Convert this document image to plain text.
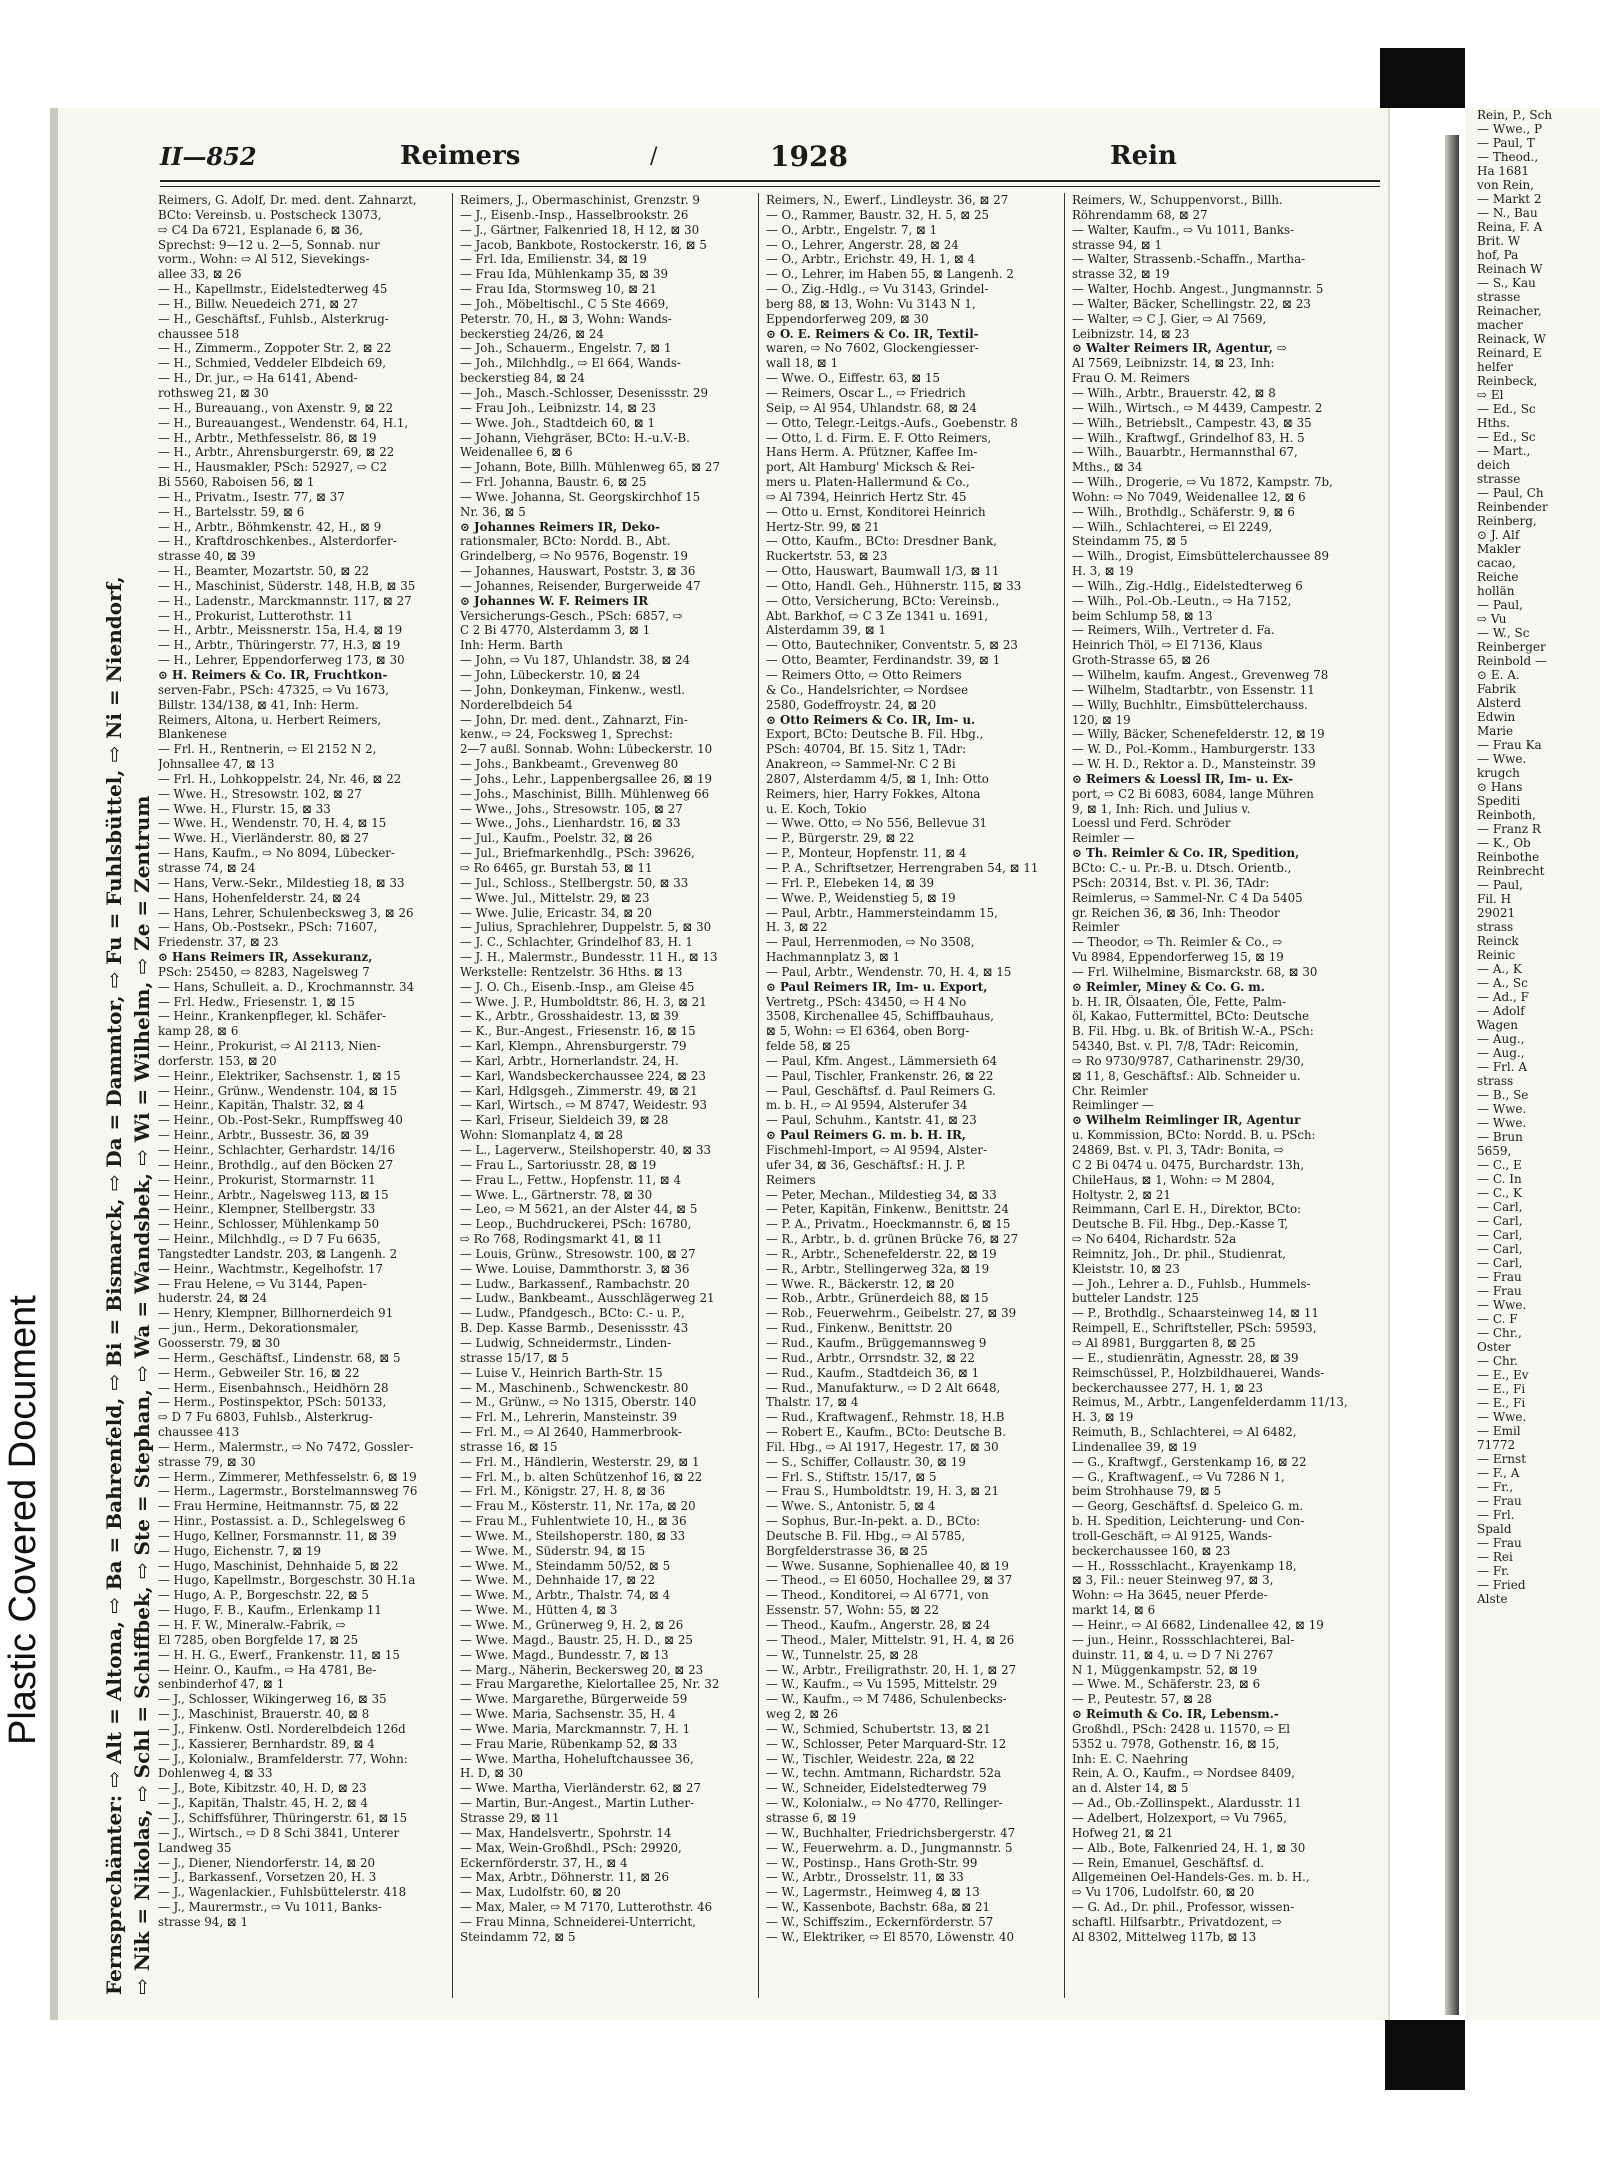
Plastic Covered Document	Fernsprechämter: ⇨ Alt = Altona, ⇨ Ba = Bahrenfeld, ⇨ Bi = Bismarck, ⇨ Da = Dammtor, ⇨ Fu = Fuhlsbüttel, ⇨ Ni = Niendorf, ⇨ Nik = Nikolas, ⇨ Schl = Schiffbek, ⇨ Ste = Stephan, ⇨ Wa = Wandsbek, ⇨ Wi = Wilhelm, ⇨ Ze = Zentrum
II—852	Reimers	/	1928	Rein
Reimers, G. Adolf, Dr. med. dent. Zahnarzt,
BCto: Vereinsb. u. Postscheck 13073,
⇨ C4 Da 6721, Esplanade 6, ⊠ 36,
Sprechst: 9—12 u. 2—5, Sonnab. nur
vorm., Wohn: ⇨ Al 512, Sievekings-
allee 33, ⊠ 26
— H., Kapellmstr., Eidelstedterweg 45
— H., Billw. Neuedeich 271, ⊠ 27
— H., Geschäftsf., Fuhlsb., Alsterkrug-
chaussee 518
— H., Zimmerm., Zoppoter Str. 2, ⊠ 22
— H., Schmied, Veddeler Elbdeich 69,
— H., Dr. jur., ⇨ Ha 6141, Abend-
rothsweg 21, ⊠ 30
— H., Bureauang., von Axenstr. 9, ⊠ 22
— H., Bureauangest., Wendenstr. 64, H.1,
— H., Arbtr., Methfesselstr. 86, ⊠ 19
— H., Arbtr., Ahrensburgerstr. 69, ⊠ 22
— H., Hausmakler, PSch: 52927, ⇨ C2
Bi 5560, Raboisen 56, ⊠ 1
— H., Privatm., Isestr. 77, ⊠ 37
— H., Bartelsstr. 59, ⊠ 6
— H., Arbtr., Böhmkenstr. 42, H., ⊠ 9
— H., Kraftdroschkenbes., Alsterdorfer-
strasse 40, ⊠ 39
— H., Beamter, Mozartstr. 50, ⊠ 22
— H., Maschinist, Süderstr. 148, H.B, ⊠ 35
— H., Ladenstr., Marckmannstr. 117, ⊠ 27
— H., Prokurist, Lutterothstr. 11
— H., Arbtr., Meissnerstr. 15a, H.4, ⊠ 19
— H., Arbtr., Thüringerstr. 77, H.3, ⊠ 19
— H., Lehrer, Eppendorferweg 173, ⊠ 30
⊙ H. Reimers & Co. IR, Fruchtkon-
serven-Fabr., PSch: 47325, ⇨ Vu 1673,
Billstr. 134/138, ⊠ 41, Inh: Herm.
Reimers, Altona, u. Herbert Reimers,
Blankenese
— Frl. H., Rentnerin, ⇨ El 2152 N 2,
Johnsallee 47, ⊠ 13
— Frl. H., Lohkoppelstr. 24, Nr. 46, ⊠ 22
— Wwe. H., Stresowstr. 102, ⊠ 27
— Wwe. H., Flurstr. 15, ⊠ 33
— Wwe. H., Wendenstr. 70, H. 4, ⊠ 15
— Wwe. H., Vierländerstr. 80, ⊠ 27
— Hans, Kaufm., ⇨ No 8094, Lübecker-
strasse 74, ⊠ 24
— Hans, Verw.-Sekr., Mildestieg 18, ⊠ 33
— Hans, Hohenfelderstr. 24, ⊠ 24
— Hans, Lehrer, Schulenbecksweg 3, ⊠ 26
— Hans, Ob.-Postsekr., PSch: 71607,
Friedenstr. 37, ⊠ 23
⊙ Hans Reimers IR, Assekuranz,
PSch: 25450, ⇨ 8283, Nagelsweg 7
— Hans, Schulleit. a. D., Krochmannstr. 34
— Frl. Hedw., Friesenstr. 1, ⊠ 15
— Heinr., Krankenpfleger, kl. Schäfer-
kamp 28, ⊠ 6
— Heinr., Prokurist, ⇨ Al 2113, Nien-
dorferstr. 153, ⊠ 20
— Heinr., Elektriker, Sachsenstr. 1, ⊠ 15
— Heinr., Grünw., Wendenstr. 104, ⊠ 15
— Heinr., Kapitän, Thalstr. 32, ⊠ 4
— Heinr., Ob.-Post-Sekr., Rumpffsweg 40
— Heinr., Arbtr., Bussestr. 36, ⊠ 39
— Heinr., Schlachter, Gerhardstr. 14/16
— Heinr., Brothdlg., auf den Böcken 27
— Heinr., Prokurist, Stormarnstr. 11
— Heinr., Arbtr., Nagelsweg 113, ⊠ 15
— Heinr., Klempner, Stellbergstr. 33
— Heinr., Schlosser, Mühlenkamp 50
— Heinr., Milchhdlg., ⇨ D 7 Fu 6635,
Tangstedter Landstr. 203, ⊠ Langenh. 2
— Heinr., Wachtmstr., Kegelhofstr. 17
— Frau Helene, ⇨ Vu 3144, Papen-
huderstr. 24, ⊠ 24
— Henry, Klempner, Billhornerdeich 91
— jun., Herm., Dekorationsmaler,
Goosserstr. 79, ⊠ 30
— Herm., Geschäftsf., Lindenstr. 68, ⊠ 5
— Herm., Gebweiler Str. 16, ⊠ 22
— Herm., Eisenbahnsch., Heidhörn 28
— Herm., Postinspektor, PSch: 50133,
⇨ D 7 Fu 6803, Fuhlsb., Alsterkrug-
chaussee 413
— Herm., Malermstr., ⇨ No 7472, Gossler-
strasse 79, ⊠ 30
— Herm., Zimmerer, Methfesselstr. 6, ⊠ 19
— Herm., Lagermstr., Borstelmannsweg 76
— Frau Hermine, Heitmannstr. 75, ⊠ 22
— Hinr., Postassist. a. D., Schlegelsweg 6
— Hugo, Kellner, Forsmannstr. 11, ⊠ 39
— Hugo, Eichenstr. 7, ⊠ 19
— Hugo, Maschinist, Dehnhaide 5, ⊠ 22
— Hugo, Kapellmstr., Borgeschstr. 30 H.1a
— Hugo, A. P., Borgeschstr. 22, ⊠ 5
— Hugo, F. B., Kaufm., Erlenkamp 11
— H. F. W., Mineralw.-Fabrik, ⇨
El 7285, oben Borgfelde 17, ⊠ 25
— H. H. G., Ewerf., Frankenstr. 11, ⊠ 15
— Heinr. O., Kaufm., ⇨ Ha 4781, Be-
senbinderhof 47, ⊠ 1
— J., Schlosser, Wikingerweg 16, ⊠ 35
— J., Maschinist, Brauerstr. 40, ⊠ 8
— J., Finkenw. Ostl. Norderelbdeich 126d
— J., Kassierer, Bernhardstr. 89, ⊠ 4
— J., Kolonialw., Bramfelderstr. 77, Wohn:
Dohlenweg 4, ⊠ 33
— J., Bote, Kibitzstr. 40, H. D, ⊠ 23
— J., Kapitän, Thalstr. 45, H. 2, ⊠ 4
— J., Schiffsführer, Thüringerstr. 61, ⊠ 15
— J., Wirtsch., ⇨ D 8 Schi 3841, Unterer
Landweg 35
— J., Diener, Niendorferstr. 14, ⊠ 20
— J., Barkassenf., Vorsetzen 20, H. 3
— J., Wagenlackier., Fuhlsbüttelerstr. 418
— J., Maurermstr., ⇨ Vu 1011, Banks-
strasse 94, ⊠ 1
Reimers, J., Obermaschinist, Grenzstr. 9
— J., Eisenb.-Insp., Hasselbrookstr. 26
— J., Gärtner, Falkenried 18, H 12, ⊠ 30
— Jacob, Bankbote, Rostockerstr. 16, ⊠ 5
— Frl. Ida, Emilienstr. 34, ⊠ 19
— Frau Ida, Mühlenkamp 35, ⊠ 39
— Frau Ida, Stormsweg 10, ⊠ 21
— Joh., Möbeltischl., C 5 Ste 4669,
Peterstr. 70, H., ⊠ 3, Wohn: Wands-
beckerstieg 24/26, ⊠ 24
— Joh., Schauerm., Engelstr. 7, ⊠ 1
— Joh., Milchhdlg., ⇨ El 664, Wands-
beckerstieg 84, ⊠ 24
— Joh., Masch.-Schlosser, Desenissstr. 29
— Frau Joh., Leibnizstr. 14, ⊠ 23
— Wwe. Joh., Stadtdeich 60, ⊠ 1
— Johann, Viehgräser, BCto: H.-u.V.-B.
Weidenallee 6, ⊠ 6
— Johann, Bote, Billh. Mühlenweg 65, ⊠ 27
— Frl. Johanna, Baustr. 6, ⊠ 25
— Wwe. Johanna, St. Georgskirchhof 15
Nr. 36, ⊠ 5
⊙ Johannes Reimers IR, Deko-
rationsmaler, BCto: Nordd. B., Abt.
Grindelberg, ⇨ No 9576, Bogenstr. 19
— Johannes, Hauswart, Poststr. 3, ⊠ 36
— Johannes, Reisender, Burgerweide 47
⊙ Johannes W. F. Reimers IR
Versicherungs-Gesch., PSch: 6857, ⇨
C 2 Bi 4770, Alsterdamm 3, ⊠ 1
Inh: Herm. Barth
— John, ⇨ Vu 187, Uhlandstr. 38, ⊠ 24
— John, Lübeckerstr. 10, ⊠ 24
— John, Donkeyman, Finkenw., westl.
Norderelbdeich 54
— John, Dr. med. dent., Zahnarzt, Fin-
kenw., ⇨ 24, Focksweg 1, Sprechst:
2—7 außl. Sonnab. Wohn: Lübeckerstr. 10
— Johs., Bankbeamt., Grevenweg 80
— Johs., Lehr., Lappenbergsallee 26, ⊠ 19
— Johs., Maschinist, Billh. Mühlenweg 66
— Wwe., Johs., Stresowstr. 105, ⊠ 27
— Wwe., Johs., Lienhardstr. 16, ⊠ 33
— Jul., Kaufm., Poelstr. 32, ⊠ 26
— Jul., Briefmarkenhdlg., PSch: 39626,
⇨ Ro 6465, gr. Burstah 53, ⊠ 11
— Jul., Schloss., Stellbergstr. 50, ⊠ 33
— Wwe. Jul., Mittelstr. 29, ⊠ 23
— Wwe. Julie, Ericastr. 34, ⊠ 20
— Julius, Sprachlehrer, Duppelstr. 5, ⊠ 30
— J. C., Schlachter, Grindelhof 83, H. 1
— J. H., Malermstr., Bundesstr. 11 H., ⊠ 13
Werkstelle: Rentzelstr. 36 Hths. ⊠ 13
— J. O. Ch., Eisenb.-Insp., am Gleise 45
— Wwe. J. P., Humboldtstr. 86, H. 3, ⊠ 21
— K., Arbtr., Grosshaidestr. 13, ⊠ 39
— K., Bur.-Angest., Friesenstr. 16, ⊠ 15
— Karl, Klempn., Ahrensburgerstr. 79
— Karl, Arbtr., Hornerlandstr. 24, H.
— Karl, Wandsbeckerchaussee 224, ⊠ 23
— Karl, Hdlgsgeh., Zimmerstr. 49, ⊠ 21
— Karl, Wirtsch., ⇨ M 8747, Weidestr. 93
— Karl, Friseur, Sieldeich 39, ⊠ 28
Wohn: Slomanplatz 4, ⊠ 28
— L., Lagerverw., Steilshoperstr. 40, ⊠ 33
— Frau L., Sartoriusstr. 28, ⊠ 19
— Frau L., Fettw., Hopfenstr. 11, ⊠ 4
— Wwe. L., Gärtnerstr. 78, ⊠ 30
— Leo, ⇨ M 5621, an der Alster 44, ⊠ 5
— Leop., Buchdruckerei, PSch: 16780,
⇨ Ro 768, Rodingsmarkt 41, ⊠ 11
— Louis, Grünw., Stresowstr. 100, ⊠ 27
— Wwe. Louise, Dammthorstr. 3, ⊠ 36
— Ludw., Barkassenf., Rambachstr. 20
— Ludw., Bankbeamt., Ausschlägerweg 21
— Ludw., Pfandgesch., BCto: C.- u. P.,
B. Dep. Kasse Barmb., Desenissstr. 43
— Ludwig, Schneidermstr., Linden-
strasse 15/17, ⊠ 5
— Luise V., Heinrich Barth-Str. 15
— M., Maschinenb., Schwenckestr. 80
— M., Grünw., ⇨ No 1315, Oberstr. 140
— Frl. M., Lehrerin, Mansteinstr. 39
— Frl. M., ⇨ Al 2640, Hammerbrook-
strasse 16, ⊠ 15
— Frl. M., Händlerin, Westerstr. 29, ⊠ 1
— Frl. M., b. alten Schützenhof 16, ⊠ 22
— Frl. M., Königstr. 27, H. 8, ⊠ 36
— Frau M., Kösterstr. 11, Nr. 17a, ⊠ 20
— Frau M., Fuhlentwiete 10, H., ⊠ 36
— Wwe. M., Steilshoperstr. 180, ⊠ 33
— Wwe. M., Süderstr. 94, ⊠ 15
— Wwe. M., Steindamm 50/52, ⊠ 5
— Wwe. M., Dehnhaide 17, ⊠ 22
— Wwe. M., Arbtr., Thalstr. 74, ⊠ 4
— Wwe. M., Hütten 4, ⊠ 3
— Wwe. M., Grünerweg 9, H. 2, ⊠ 26
— Wwe. Magd., Baustr. 25, H. D., ⊠ 25
— Wwe. Magd., Bundesstr. 7, ⊠ 13
— Marg., Näherin, Beckersweg 20, ⊠ 23
— Frau Margarethe, Kielortallee 25, Nr. 32
— Wwe. Margarethe, Bürgerweide 59
— Wwe. Maria, Sachsenstr. 35, H. 4
— Wwe. Maria, Marckmannstr. 7, H. 1
— Frau Marie, Rübenkamp 52, ⊠ 33
— Wwe. Martha, Hoheluftchaussee 36,
H. D, ⊠ 30
— Wwe. Martha, Vierländerstr. 62, ⊠ 27
— Martin, Bur.-Angest., Martin Luther-
Strasse 29, ⊠ 11
— Max, Handelsvertr., Spohrstr. 14
— Max, Wein-Großhdl., PSch: 29920,
Eckernförderstr. 37, H., ⊠ 4
— Max, Arbtr., Döhnerstr. 11, ⊠ 26
— Max, Ludolfstr. 60, ⊠ 20
— Max, Maler, ⇨ M 7170, Lutterothstr. 46
— Frau Minna, Schneiderei-Unterricht,
Steindamm 72, ⊠ 5
Reimers, N., Ewerf., Lindleystr. 36, ⊠ 27
— O., Rammer, Baustr. 32, H. 5, ⊠ 25
— O., Arbtr., Engelstr. 7, ⊠ 1
— O., Lehrer, Angerstr. 28, ⊠ 24
— O., Arbtr., Erichstr. 49, H. 1, ⊠ 4
— O., Lehrer, im Haben 55, ⊠ Langenh. 2
— O., Zig.-Hdlg., ⇨ Vu 3143, Grindel-
berg 88, ⊠ 13, Wohn: Vu 3143 N 1,
Eppendorferweg 209, ⊠ 30
⊙ O. E. Reimers & Co. IR, Textil-
waren, ⇨ No 7602, Glockengiesser-
wall 18, ⊠ 1
— Wwe. O., Eiffestr. 63, ⊠ 15
— Reimers, Oscar L., ⇨ Friedrich
Seip, ⇨ Al 954, Uhlandstr. 68, ⊠ 24
— Otto, Telegr.-Leitgs.-Aufs., Goebenstr. 8
— Otto, l. d. Firm. E. F. Otto Reimers,
Hans Herm. A. Pfützner, Kaffee Im-
port, Alt Hamburg' Micksch & Rei-
mers u. Platen-Hallermund & Co.,
⇨ Al 7394, Heinrich Hertz Str. 45
— Otto u. Ernst, Konditorei Heinrich
Hertz-Str. 99, ⊠ 21
— Otto, Kaufm., BCto: Dresdner Bank,
Ruckertstr. 53, ⊠ 23
— Otto, Hauswart, Baumwall 1/3, ⊠ 11
— Otto, Handl. Geh., Hühnerstr. 115, ⊠ 33
— Otto, Versicherung, BCto: Vereinsb.,
Abt. Barkhof, ⇨ C 3 Ze 1341 u. 1691,
Alsterdamm 39, ⊠ 1
— Otto, Bautechniker, Conventstr. 5, ⊠ 23
— Otto, Beamter, Ferdinandstr. 39, ⊠ 1
— Reimers Otto, ⇨ Otto Reimers
& Co., Handelsrichter, ⇨ Nordsee
2580, Godeffroystr. 24, ⊠ 20
⊙ Otto Reimers & Co. IR, Im- u.
Export, BCto: Deutsche B. Fil. Hbg.,
PSch: 40704, Bf. 15. Sitz 1, TAdr:
Anakreon, ⇨ Sammel-Nr. C 2 Bi
2807, Alsterdamm 4/5, ⊠ 1, Inh: Otto
Reimers, hier, Harry Fokkes, Altona
u. E. Koch, Tokio
— Wwe. Otto, ⇨ No 556, Bellevue 31
— P., Bürgerstr. 29, ⊠ 22
— P., Monteur, Hopfenstr. 11, ⊠ 4
— P. A., Schriftsetzer, Herrengraben 54, ⊠ 11
— Frl. P., Elebeken 14, ⊠ 39
— Wwe. P., Weidenstieg 5, ⊠ 19
— Paul, Arbtr., Hammersteindamm 15,
H. 3, ⊠ 22
— Paul, Herrenmoden, ⇨ No 3508,
Hachmannplatz 3, ⊠ 1
— Paul, Arbtr., Wendenstr. 70, H. 4, ⊠ 15
⊙ Paul Reimers IR, Im- u. Export,
Vertretg., PSch: 43450, ⇨ H 4 No
3508, Kirchenallee 45, Schiffbauhaus,
⊠ 5, Wohn: ⇨ El 6364, oben Borg-
felde 58, ⊠ 25
— Paul, Kfm. Angest., Lämmersieth 64
— Paul, Tischler, Frankenstr. 26, ⊠ 22
— Paul, Geschäftsf. d. Paul Reimers G.
m. b. H., ⇨ Al 9594, Alsterufer 34
— Paul, Schuhm., Kantstr. 41, ⊠ 23
⊙ Paul Reimers G. m. b. H. IR,
Fischmehl-Import, ⇨ Al 9594, Alster-
ufer 34, ⊠ 36, Geschäftsf.: H. J. P.
Reimers
— Peter, Mechan., Mildestieg 34, ⊠ 33
— Peter, Kapitän, Finkenw., Benittstr. 24
— P. A., Privatm., Hoeckmannstr. 6, ⊠ 15
— R., Arbtr., b. d. grünen Brücke 76, ⊠ 27
— R., Arbtr., Schenefelderstr. 22, ⊠ 19
— R., Arbtr., Stellingerweg 32a, ⊠ 19
— Wwe. R., Bäckerstr. 12, ⊠ 20
— Rob., Arbtr., Grünerdeich 88, ⊠ 15
— Rob., Feuerwehrm., Geibelstr. 27, ⊠ 39
— Rud., Finkenw., Benittstr. 20
— Rud., Kaufm., Brüggemannsweg 9
— Rud., Arbtr., Orrsndstr. 32, ⊠ 22
— Rud., Kaufm., Stadtdeich 36, ⊠ 1
— Rud., Manufakturw., ⇨ D 2 Alt 6648,
Thalstr. 17, ⊠ 4
— Rud., Kraftwagenf., Rehmstr. 18, H.B
— Robert E., Kaufm., BCto: Deutsche B.
Fil. Hbg., ⇨ Al 1917, Hegestr. 17, ⊠ 30
— S., Schiffer, Collaustr. 30, ⊠ 19
— Frl. S., Stiftstr. 15/17, ⊠ 5
— Frau S., Humboldtstr. 19, H. 3, ⊠ 21
— Wwe. S., Antonistr. 5, ⊠ 4
— Sophus, Bur.-In-pekt. a. D., BCto:
Deutsche B. Fil. Hbg., ⇨ Al 5785,
Borgfelderstrasse 36, ⊠ 25
— Wwe. Susanne, Sophienallee 40, ⊠ 19
— Theod., ⇨ El 6050, Hochallee 29, ⊠ 37
— Theod., Konditorei, ⇨ Al 6771, von
Essenstr. 57, Wohn: 55, ⊠ 22
— Theod., Kaufm., Angerstr. 28, ⊠ 24
— Theod., Maler, Mittelstr. 91, H. 4, ⊠ 26
— W., Tunnelstr. 25, ⊠ 28
— W., Arbtr., Freiligrathstr. 20, H. 1, ⊠ 27
— W., Kaufm., ⇨ Vu 1595, Mittelstr. 29
— W., Kaufm., ⇨ M 7486, Schulenbecks-
weg 2, ⊠ 26
— W., Schmied, Schubertstr. 13, ⊠ 21
— W., Schlosser, Peter Marquard-Str. 12
— W., Tischler, Weidestr. 22a, ⊠ 22
— W., techn. Amtmann, Richardstr. 52a
— W., Schneider, Eidelstedterweg 79
— W., Kolonialw., ⇨ No 4770, Rellinger-
strasse 6, ⊠ 19
— W., Buchhalter, Friedrichsbergerstr. 47
— W., Feuerwehrm. a. D., Jungmannstr. 5
— W., Postinsp., Hans Groth-Str. 99
— W., Arbtr., Drosselstr. 11, ⊠ 33
— W., Lagermstr., Heimweg 4, ⊠ 13
— W., Kassenbote, Bachstr. 68a, ⊠ 21
— W., Schiffszim., Eckernförderstr. 57
— W., Elektriker, ⇨ El 8570, Löwenstr. 40
Reimers, W., Schuppenvorst., Billh.
Röhrendamm 68, ⊠ 27
— Walter, Kaufm., ⇨ Vu 1011, Banks-
strasse 94, ⊠ 1
— Walter, Strassenb.-Schaffn., Martha-
strasse 32, ⊠ 19
— Walter, Hochb. Angest., Jungmannstr. 5
— Walter, Bäcker, Schellingstr. 22, ⊠ 23
— Walter, ⇨ C J. Gier, ⇨ Al 7569,
Leibnizstr. 14, ⊠ 23
⊙ Walter Reimers IR, Agentur, ⇨
Al 7569, Leibnizstr. 14, ⊠ 23, Inh:
Frau O. M. Reimers
— Wilh., Arbtr., Brauerstr. 42, ⊠ 8
— Wilh., Wirtsch., ⇨ M 4439, Campestr. 2
— Wilh., Betriebslt., Campestr. 43, ⊠ 35
— Wilh., Kraftwgf., Grindelhof 83, H. 5
— Wilh., Bauarbtr., Hermannsthal 67,
Mths., ⊠ 34
— Wilh., Drogerie, ⇨ Vu 1872, Kampstr. 7b,
Wohn: ⇨ No 7049, Weidenallee 12, ⊠ 6
— Wilh., Brothdlg., Schäferstr. 9, ⊠ 6
— Wilh., Schlachterei, ⇨ El 2249,
Steindamm 75, ⊠ 5
— Wilh., Drogist, Eimsbüttelerchaussee 89
H. 3, ⊠ 19
— Wilh., Zig.-Hdlg., Eidelstedterweg 6
— Wilh., Pol.-Ob.-Leutn., ⇨ Ha 7152,
beim Schlump 58, ⊠ 13
— Reimers, Wilh., Vertreter d. Fa.
Heinrich Thöl, ⇨ El 7136, Klaus
Groth-Strasse 65, ⊠ 26
— Wilhelm, kaufm. Angest., Grevenweg 78
— Wilhelm, Stadtarbtr., von Essenstr. 11
— Willy, Buchhltr., Eimsbüttelerchauss.
120, ⊠ 19
— Willy, Bäcker, Schenefelderstr. 12, ⊠ 19
— W. D., Pol.-Komm., Hamburgerstr. 133
— W. H. D., Rektor a. D., Mansteinstr. 39
⊙ Reimers & Loessl IR, Im- u. Ex-
port, ⇨ C2 Bi 6083, 6084, lange Mühren
9, ⊠ 1, Inh: Rich. und Julius v.
Loessl und Ferd. Schröder
Reimler —
⊙ Th. Reimler & Co. IR, Spedition,
BCto: C.- u. Pr.-B. u. Dtsch. Orientb.,
PSch: 20314, Bst. v. Pl. 36, TAdr:
Reimlerus, ⇨ Sammel-Nr. C 4 Da 5405
gr. Reichen 36, ⊠ 36, Inh: Theodor
Reimler
— Theodor, ⇨ Th. Reimler & Co., ⇨
Vu 8984, Eppendorferweg 15, ⊠ 19
— Frl. Wilhelmine, Bismarckstr. 68, ⊠ 30
⊙ Reimler, Miney & Co. G. m.
b. H. IR, Ölsaaten, Öle, Fette, Palm-
öl, Kakao, Futtermittel, BCto: Deutsche
B. Fil. Hbg. u. Bk. of British W.-A., PSch:
54340, Bst. v. Pl. 7/8, TAdr: Reicomin,
⇨ Ro 9730/9787, Catharinenstr. 29/30,
⊠ 11, 8, Geschäftsf.: Alb. Schneider u.
Chr. Reimler
Reimlinger —
⊙ Wilhelm Reimlinger IR, Agentur
u. Kommission, BCto: Nordd. B. u. PSch:
24869, Bst. v. Pl. 3, TAdr: Bonita, ⇨
C 2 Bi 0474 u. 0475, Burchardstr. 13h,
ChileHaus, ⊠ 1, Wohn: ⇨ M 2804,
Holtystr. 2, ⊠ 21
Reimmann, Carl E. H., Direktor, BCto:
Deutsche B. Fil. Hbg., Dep.-Kasse T,
⇨ No 6404, Richardstr. 52a
Reimnitz, Joh., Dr. phil., Studienrat,
Kleiststr. 10, ⊠ 23
— Joh., Lehrer a. D., Fuhlsb., Hummels-
butteler Landstr. 125
— P., Brothdlg., Schaarsteinweg 14, ⊠ 11
Reimpell, E., Schriftsteller, PSch: 59593,
⇨ Al 8981, Burggarten 8, ⊠ 25
— E., studienrätin, Agnesstr. 28, ⊠ 39
Reimschüssel, P., Holzbildhauerei, Wands-
beckerchaussee 277, H. 1, ⊠ 23
Reimus, M., Arbtr., Langenfelderdamm 11/13,
H. 3, ⊠ 19
Reimuth, B., Schlachterei, ⇨ Al 6482,
Lindenallee 39, ⊠ 19
— G., Kraftwgf., Gerstenkamp 16, ⊠ 22
— G., Kraftwagenf., ⇨ Vu 7286 N 1,
beim Strohhause 79, ⊠ 5
— Georg, Geschäftsf. d. Speleico G. m.
b. H. Spedition, Leichterung- und Con-
troll-Geschäft, ⇨ Al 9125, Wands-
beckerchaussee 160, ⊠ 23
— H., Rossschlacht., Krayenkamp 18,
⊠ 3, Fil.: neuer Steinweg 97, ⊠ 3,
Wohn: ⇨ Ha 3645, neuer Pferde-
markt 14, ⊠ 6
— Heinr., ⇨ Al 6682, Lindenallee 42, ⊠ 19
— jun., Heinr., Rossschlachterei, Bal-
duinstr. 11, ⊠ 4, u. ⇨ D 7 Ni 2767
N 1, Müggenkampstr. 52, ⊠ 19
— Wwe. M., Schäferstr. 23, ⊠ 6
— P., Peutestr. 57, ⊠ 28
⊙ Reimuth & Co. IR, Lebensm.-
Großhdl., PSch: 2428 u. 11570, ⇨ El
5352 u. 7978, Gothenstr. 16, ⊠ 15,
Inh: E. C. Naehring
Rein, A. O., Kaufm., ⇨ Nordsee 8409,
an d. Alster 14, ⊠ 5
— Ad., Ob.-Zollinspekt., Alardusstr. 11
— Adelbert, Holzexport, ⇨ Vu 7965,
Hofweg 21, ⊠ 21
— Alb., Bote, Falkenried 24, H. 1, ⊠ 30
— Rein, Emanuel, Geschäftsf. d.
Allgemeinen Oel-Handels-Ges. m. b. H.,
⇨ Vu 1706, Ludolfstr. 60, ⊠ 20
— G. Ad., Dr. phil., Professor, wissen-
schaftl. Hilfsarbtr., Privatdozent, ⇨
Al 8302, Mittelweg 117b, ⊠ 13
Rein, P., Sch
— Wwe., P
— Paul, T
— Theod.,
Ha 1681
von Rein,
— Markt 2
— N., Bau
Reina, F. A
Brit. W
hof, Pa
Reinach W
— S., Kau
strasse
Reinacher,
macher
Reinack, W
Reinard, E
helfer
Reinbeck,
⇨ El
— Ed., Sc
Hths.
— Ed., Sc
— Mart.,
deich
strasse
— Paul, Ch
Reinbender
Reinberg,
⊙ J. Alf
Makler
cacao,
Reiche
hollän
— Paul,
⇨ Vu
— W., Sc
Reinberger
Reinbold —
⊙ E. A.
Fabrik
Alsterd
Edwin
Marie
— Frau Ka
— Wwe.
krugch
⊙ Hans
Spediti
Reinboth,
— Franz R
— K., Ob
Reinbothe
Reinbrecht
— Paul,
Fil. H
29021
strass
Reinck
Reinic
— A., K
— A., Sc
— Ad., F
— Adolf
Wagen
— Aug.,
— Aug.,
— Frl. A
strass
— B., Se
— Wwe.
— Wwe.
— Brun
5659,
— C., E
— C. In
— C., K
— Carl,
— Carl,
— Carl,
— Carl,
— Carl,
— Frau
— Frau
— Wwe.
— C. F
— Chr.,
Oster
— Chr.
— E., Ev
— E., Fi
— E., Fi
— Wwe.
— Emil
71772
— Ernst
— F., A
— Fr.,
— Frau
— Frl.
Spald
— Frau
— Rei
— Fr.
— Fried
Alste
